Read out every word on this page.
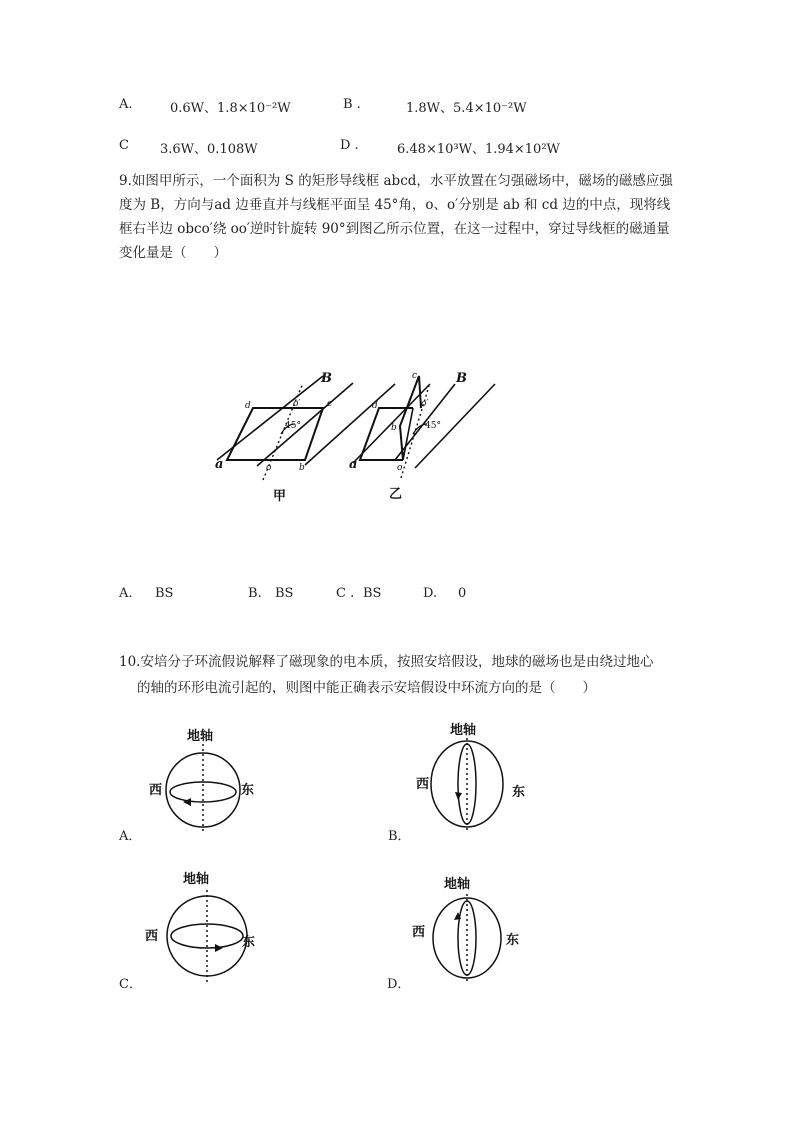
A.	0.6W、1.8×10⁻²W	B .	1.8W、5.4×10⁻²W
C 3.6W、0.108W	D .	6.48×10³W、1.94×10²W
9.如图甲所示，一个面积为 S 的矩形导线框 abcd，水平放置在匀强磁场中，磁场的磁感应强
度为 B，方向与ad 边垂直并与线框平面呈 45°角，o、o′分别是 ab 和 cd 边的中点，现将线
框右半边 obco′绕 oo′逆时针旋转 90°到图乙所示位置，在这一过程中，穿过导线框的磁通量
变化量是（　　）
B
a
B
a
d	c
b
o
o′
45°
d
c
b
o
o′
45°
甲	乙
A. BS	B. BS	C . BS	D. 0
10.安培分子环流假说解释了磁现象的电本质，按照安培假设，地球的磁场也是由绕过地心
的轴的环形电流引起的，则图中能正确表示安培假设中环流方向的是（　　）
地轴
西	东
A．
地轴
西
东
B．
地轴
西	东
C．
地轴
西
东
D．
